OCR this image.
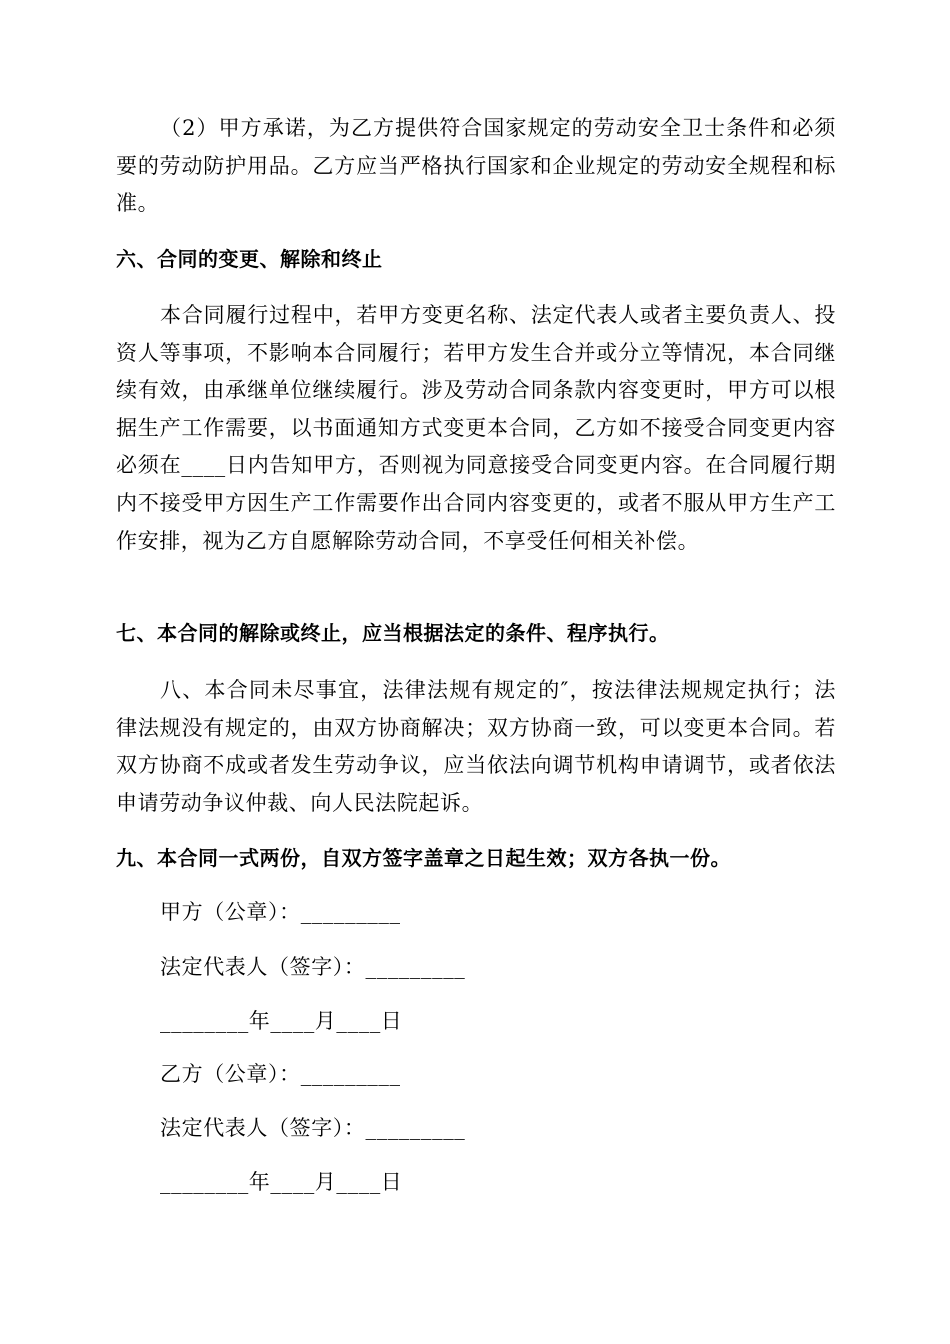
（2）甲方承诺，为乙方提供符合国家规定的劳动安全卫士条件和必须要的劳动防护用品。乙方应当严格执行国家和企业规定的劳动安全规程和标准。

六、合同的变更、解除和终止

本合同履行过程中，若甲方变更名称、法定代表人或者主要负责人、投资人等事项，不影响本合同履行；若甲方发生合并或分立等情况，本合同继续有效，由承继单位继续履行。涉及劳动合同条款内容变更时，甲方可以根据生产工作需要，以书面通知方式变更本合同，乙方如不接受合同变更内容必须在____日内告知甲方，否则视为同意接受合同变更内容。在合同履行期内不接受甲方因生产工作需要作出合同内容变更的，或者不服从甲方生产工作安排，视为乙方自愿解除劳动合同，不享受任何相关补偿。

七、本合同的解除或终止，应当根据法定的条件、程序执行。

八、本合同未尽事宜，法律法规有规定的″，按法律法规规定执行；法律法规没有规定的，由双方协商解决；双方协商一致，可以变更本合同。若双方协商不成或者发生劳动争议，应当依法向调节机构申请调节，或者依法申请劳动争议仲裁、向人民法院起诉。

九、本合同一式两份，自双方签字盖章之日起生效；双方各执一份。

甲方（公章）：_________

法定代表人（签字）：_________

________年____月____日

乙方（公章）：_________

法定代表人（签字）：_________

________年____月____日
